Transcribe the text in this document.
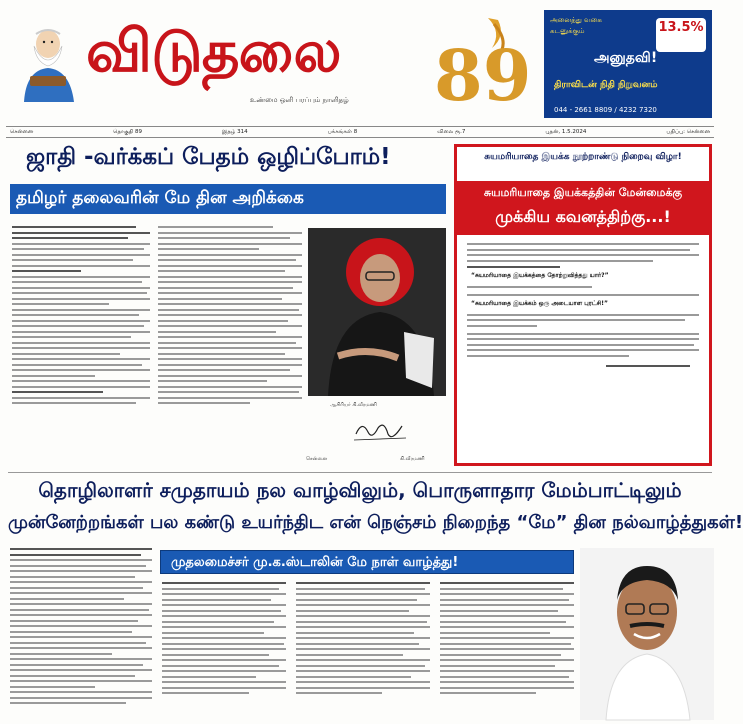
விடுதலை
உண்மை ஒளி பரப்பும் நாளிதழ் 89
அனைத்து வகை
கடனுக்கும்	13.5%
அனுதவி!
திராவிடன் நிதி நிறுவனம்
044 - 2661 8809 / 4232 7320
சென்னை	தொகுதி 89	இதழ் 314	பக்கங்கள் 8	விலை ரூ.7	புதன், 1.5.2024	பதிப்பு: சென்னை
ஜாதி -வர்க்கப் பேதம் ஒழிப்போம்!
தமிழர் தலைவரின் மே தின அறிக்கை
ஆசிரியர் கி.வீரமணி
சென்னை	கி.வீரமணி
சுயமரியாதை இயக்க நூற்றாண்டு நிறைவு விழா!
சுயமரியாதை இயக்கத்தின் மேன்மைக்கு
முக்கிய கவனத்திற்கு...!
“சுயமரியாதை இயக்கத்தை தோற்றுவித்தது யார்?”
“சுயமரியாதை இயக்கம் ஒரு அடையாள புரட்சி!”
தொழிலாளர் சமுதாயம் நல வாழ்விலும், பொருளாதார மேம்பாட்டிலும்
முன்னேற்றங்கள் பல கண்டு உயர்ந்திட என் நெஞ்சம் நிறைந்த “மே” தின நல்வாழ்த்துகள்!
முதலமைச்சர் மு.க.ஸ்டாலின் மே நாள் வாழ்த்து!
